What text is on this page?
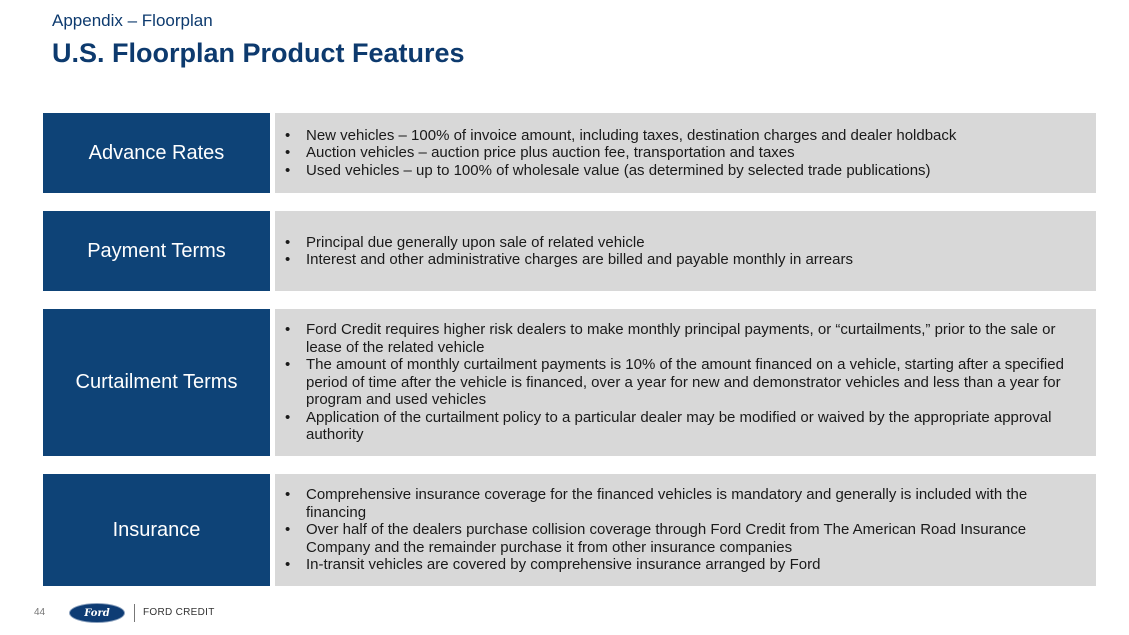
Appendix – Floorplan
U.S. Floorplan Product Features
Advance Rates
• New vehicles – 100% of invoice amount, including taxes, destination charges and dealer holdback
• Auction vehicles – auction price plus auction fee, transportation and taxes
• Used vehicles – up to 100% of wholesale value (as determined by selected trade publications)
Payment Terms
•	Principal due generally upon sale of related vehicle
• Interest and other administrative charges are billed and payable monthly in arrears
Curtailment Terms
• Ford Credit requires higher risk dealers to make monthly principal payments, or “curtailments,” prior to the sale or lease of the related vehicle
• The amount of monthly curtailment payments is 10% of the amount financed on a vehicle, starting after a specified period of time after the vehicle is financed, over a year for new and demonstrator vehicles and less than a year for program and used vehicles
• Application of the curtailment policy to a particular dealer may be modified or waived by the appropriate approval authority
Insurance
• Comprehensive insurance coverage for the financed vehicles is mandatory and generally is included with the financing
• Over half of the dealers purchase collision coverage through Ford Credit from The American Road Insurance Company and the remainder purchase it from other insurance companies
• In-transit vehicles are covered by comprehensive insurance arranged by Ford
44	Ford	FORD CREDIT
